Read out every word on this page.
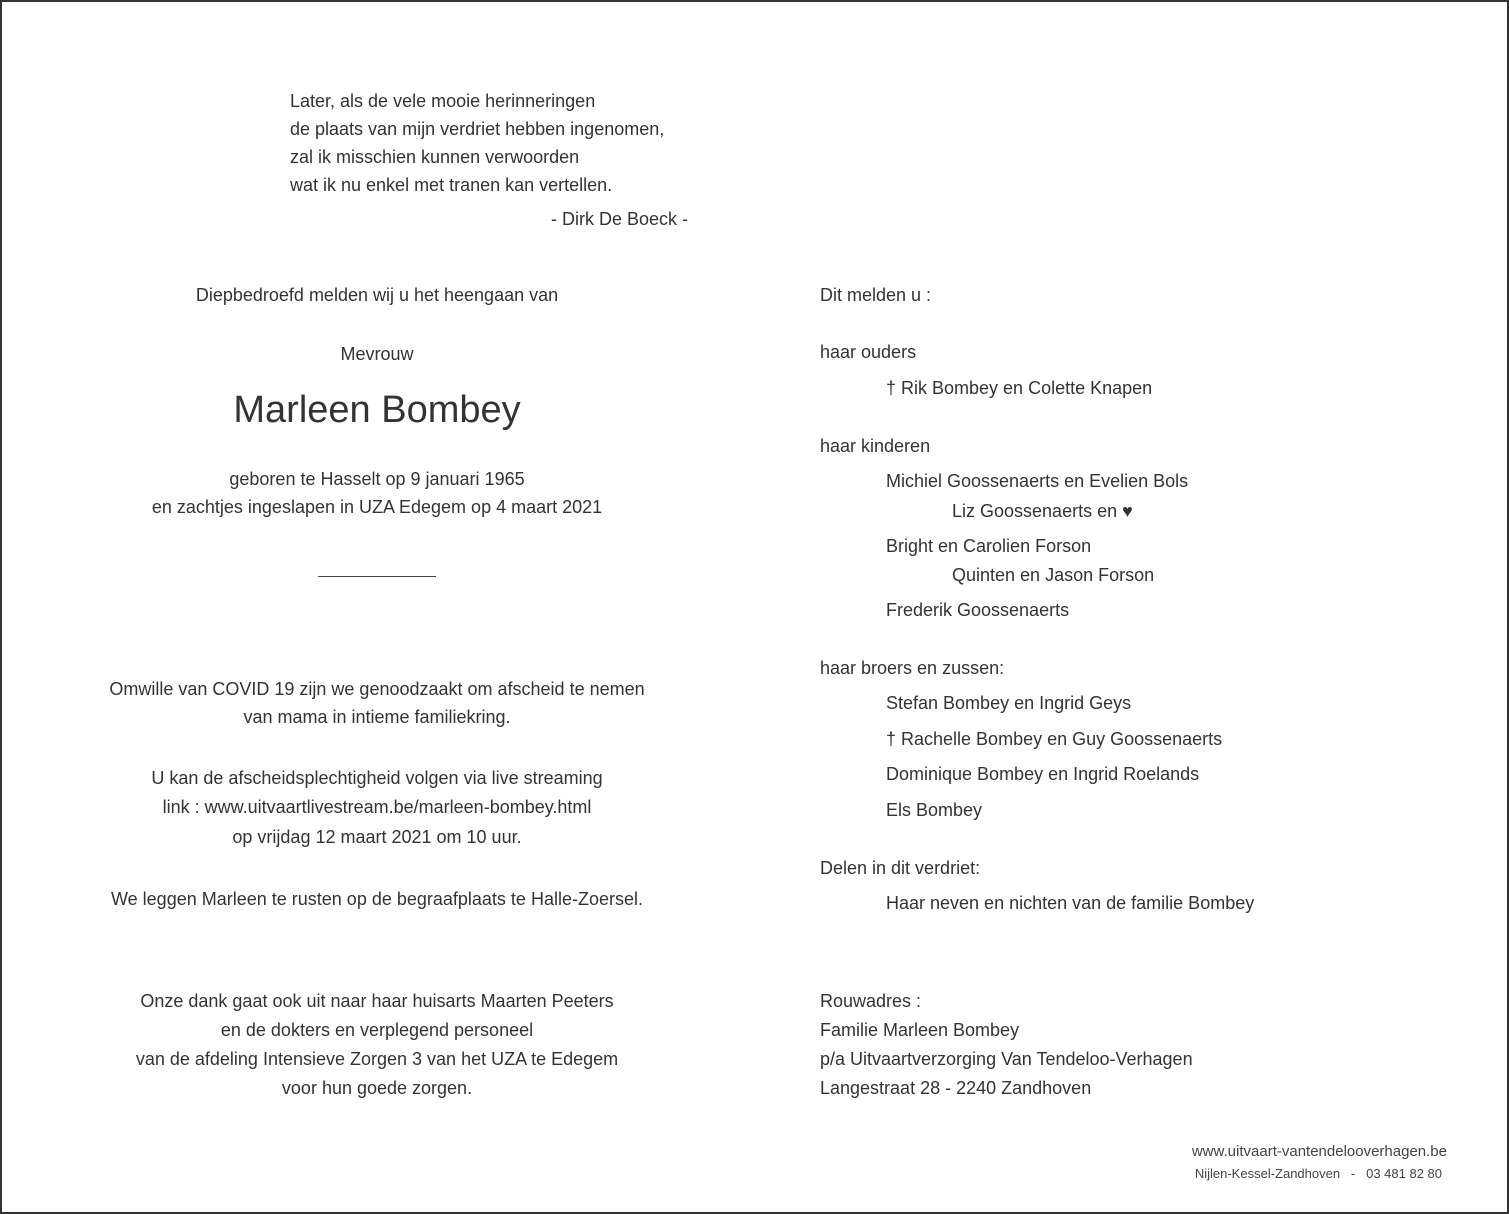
Later, als de vele mooie herinneringen
de plaats van mijn verdriet hebben ingenomen,
zal ik misschien kunnen verwoorden
wat ik nu enkel met tranen kan vertellen.
- Dirk De Boeck -
Diepbedroefd melden wij u het heengaan van
Mevrouw
Marleen Bombey
geboren te Hasselt op 9 januari 1965
en zachtjes ingeslapen in UZA Edegem op 4 maart 2021
Omwille van COVID 19 zijn we genoodzaakt om afscheid te nemen
van mama in intieme familiekring.
U kan de afscheidsplechtigheid volgen via live streaming
link : www.uitvaartlivestream.be/marleen-bombey.html
op vrijdag 12 maart 2021 om 10 uur.
We leggen Marleen te rusten op de begraafplaats te Halle-Zoersel.
Onze dank gaat ook uit naar haar huisarts Maarten Peeters
en de dokters en verplegend personeel
van de afdeling Intensieve Zorgen 3 van het UZA te Edegem
voor hun goede zorgen.
Dit melden u :
haar ouders
† Rik Bombey en Colette Knapen
haar kinderen
Michiel Goossenaerts en Evelien Bols
Liz Goossenaerts en ♥
Bright en Carolien Forson
Quinten en Jason Forson
Frederik Goossenaerts
haar broers en zussen:
Stefan Bombey en Ingrid Geys
† Rachelle Bombey en Guy Goossenaerts
Dominique Bombey en Ingrid Roelands
Els Bombey
Delen in dit verdriet:
Haar neven en nichten van de familie Bombey
Rouwadres :
Familie Marleen Bombey
p/a Uitvaartverzorging Van Tendeloo-Verhagen
Langestraat 28 - 2240 Zandhoven
www.uitvaart-vantendelooverhagen.be
Nijlen-Kessel-Zandhoven   -   03 481 82 80
